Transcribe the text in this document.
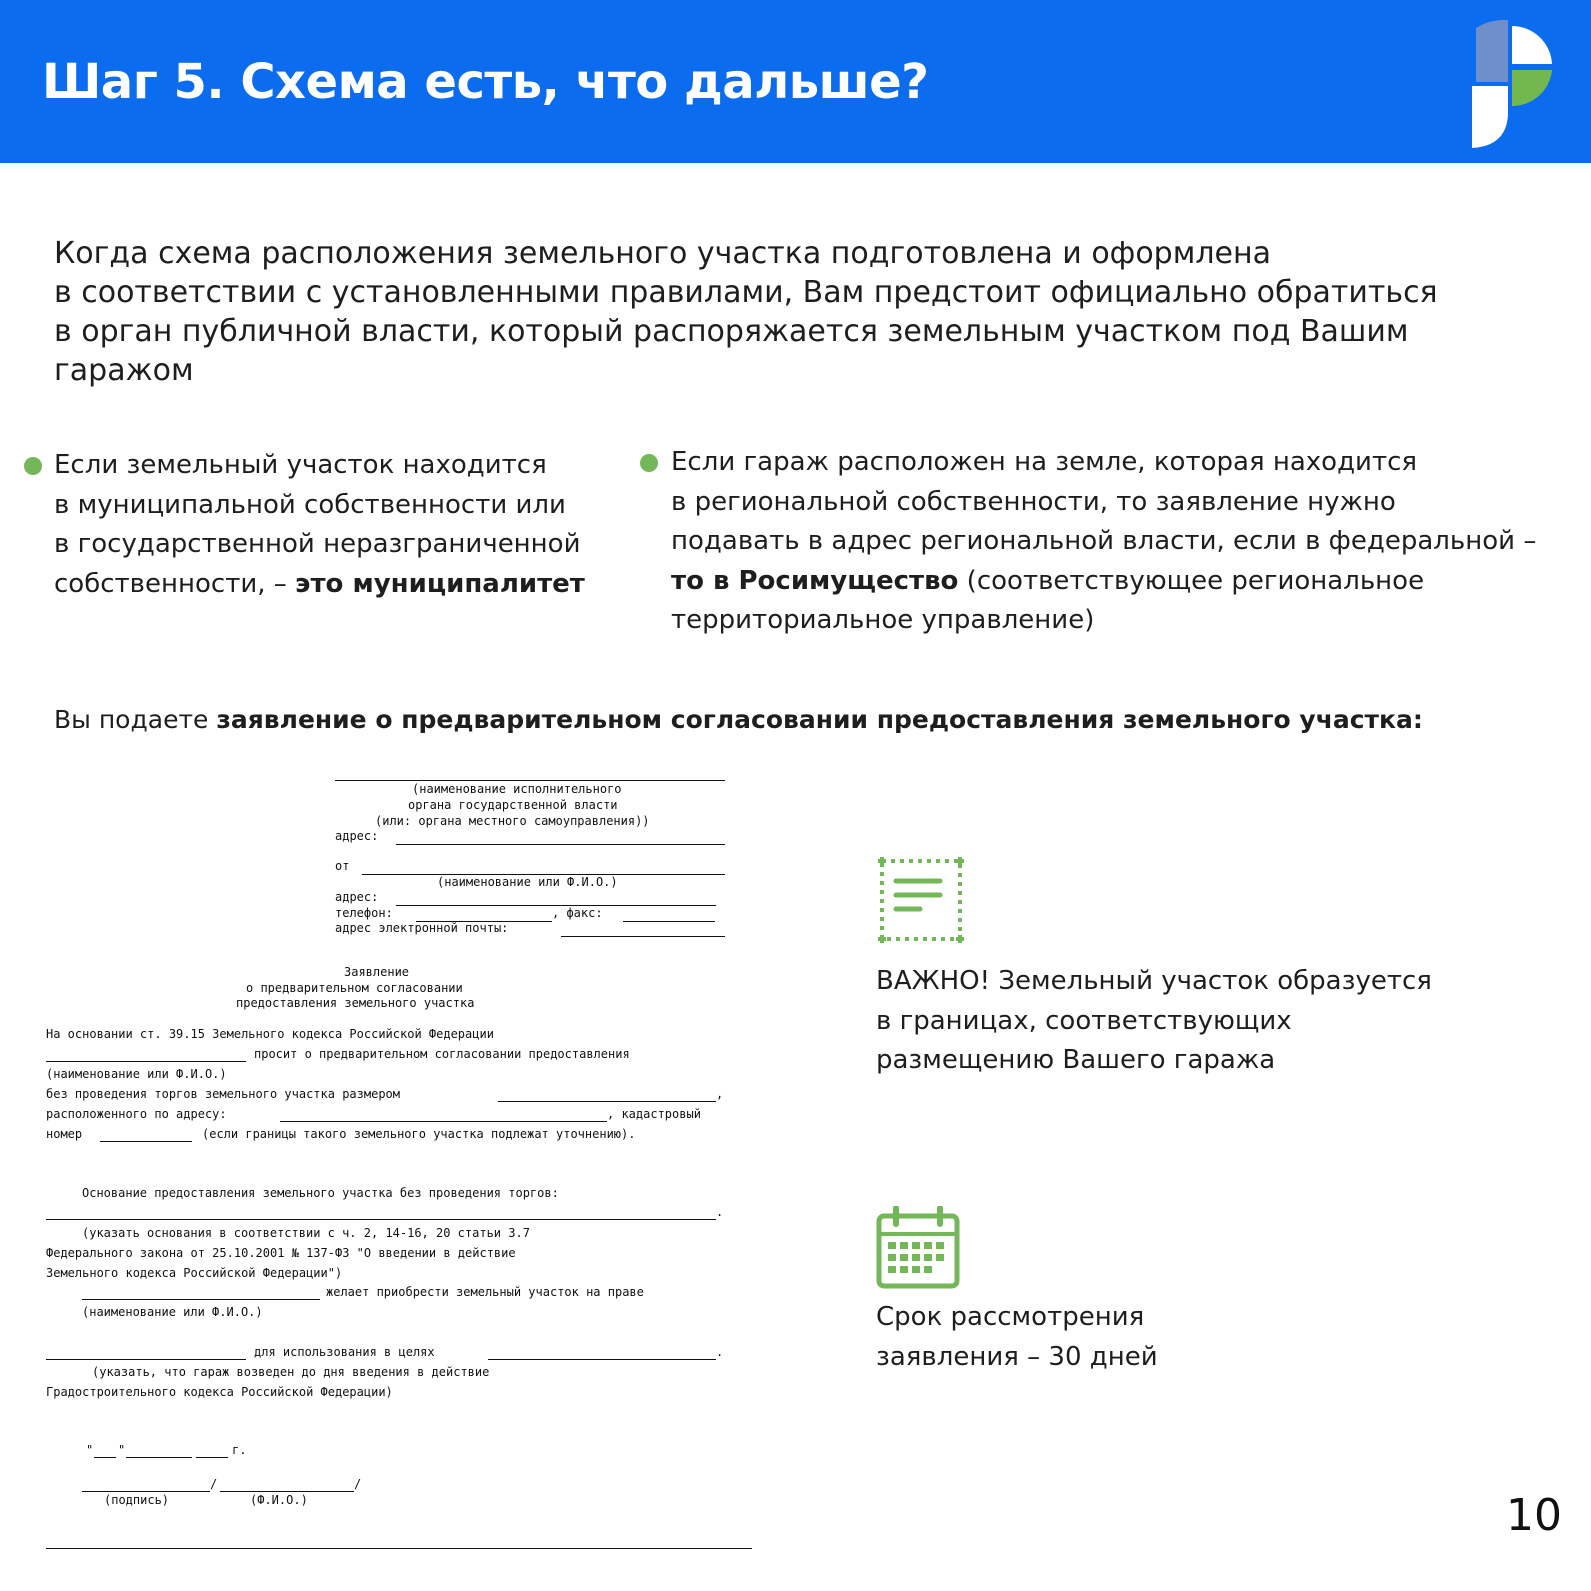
Шаг 5. Схема есть, что дальше?
Когда схема расположения земельного участка подготовлена и оформлена
в соответствии с установленными правилами, Вам предстоит официально обратиться
в орган публичной власти, который распоряжается земельным участком под Вашим
гаражом
Если земельный участок находится
в муниципальной собственности или
в государственной неразграниченной
собственности, – это муниципалитет
Если гараж расположен на земле, которая находится
в региональной собственности, то заявление нужно
подавать в адрес региональной власти, если в федеральной –
то в Росимущество (соответствующее региональное
территориальное управление)
Вы подаете заявление о предварительном согласовании предоставления земельного участка:
(наименование исполнительного
органа государственной власти
(или: органа местного самоуправления))
адрес:
от
(наименование или Ф.И.О.)
адрес:
телефон:	, факс:
адрес электронной почты:
Заявление
о предварительном согласовании
предоставления земельного участка
На основании ст. 39.15 Земельного кодекса Российской Федерации
просит о предварительном согласовании предоставления
(наименование или Ф.И.О.)
без проведения торгов земельного участка размером	,
расположенного по адресу:	, кадастровый
номер	(если границы такого земельного участка подлежат уточнению).
Основание предоставления земельного участка без проведения торгов:
.
(указать основания в соответствии с ч. 2, 14-16, 20 статьи 3.7
Федерального закона от 25.10.2001 № 137-ФЗ "О введении в действие
Земельного кодекса Российской Федерации")
желает приобрести земельный участок на праве
(наименование или Ф.И.О.)
для использования в целях	.
(указать, что гараж возведен до дня введения в действие
Градостроительного кодекса Российской Федерации)
" "	г.
/	/
(подпись)	(Ф.И.О.)
ВАЖНО! Земельный участок образуется
в границах, соответствующих
размещению Вашего гаража
Срок рассмотрения
заявления – 30 дней
10
